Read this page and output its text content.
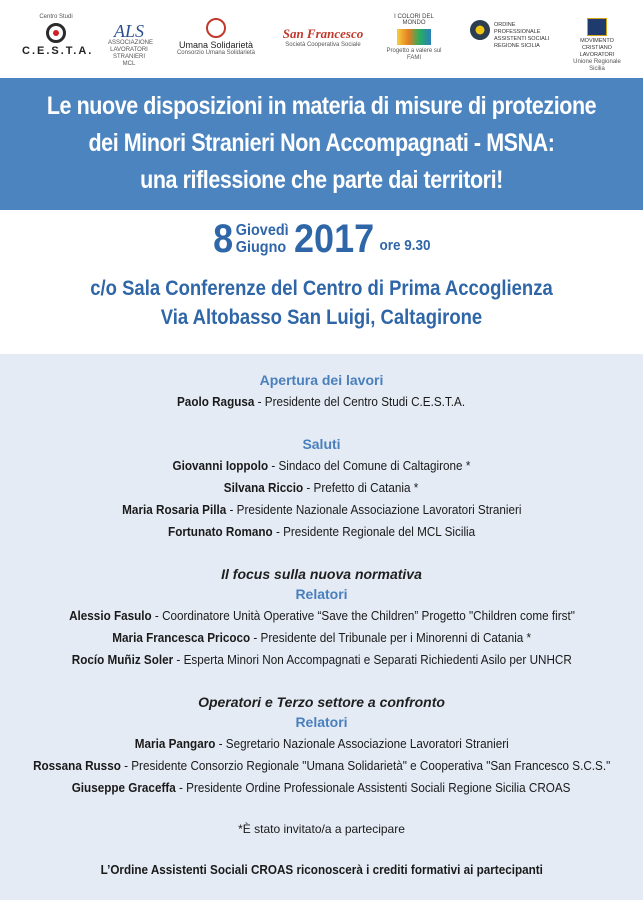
Centro Studi
C.E.S.T.A.
ALS
ASSOCIAZIONE LAVORATORI STRANIERI MCL
Umana Solidarietà
Consorzio Umana Solidarietà
San Francesco
Società Cooperativa Sociale
I COLORI DEL MONDO
Progetto a valere sul FAMI
ORDINE PROFESSIONALE ASSISTENTI SOCIALI REGIONE SICILIA
MOVIMENTO CRISTIANO LAVORATORI
Unione Regionale Sicilia
Le nuove disposizioni in materia di misure di protezione
dei Minori Stranieri Non Accompagnati - MSNA:
una riflessione che parte dai territori!
8 Giovedì
Giugno 2017 ore 9.30
c/o Sala Conferenze del Centro di Prima Accoglienza
Via Altobasso San Luigi, Caltagirone
Apertura dei lavori
Paolo Ragusa - Presidente del Centro Studi C.E.S.T.A.
Saluti
Giovanni Ioppolo - Sindaco del Comune di Caltagirone *
Silvana Riccio - Prefetto di Catania *
Maria Rosaria Pilla - Presidente Nazionale Associazione Lavoratori Stranieri
Fortunato Romano - Presidente Regionale del MCL Sicilia
Il focus sulla nuova normativa
Relatori
Alessio Fasulo - Coordinatore Unità Operative “Save the Children” Progetto "Children come first"
Maria Francesca Pricoco - Presidente del Tribunale per i Minorenni di Catania *
Rocío Muñiz Soler - Esperta Minori Non Accompagnati e Separati Richiedenti Asilo per UNHCR
Operatori e Terzo settore a confronto
Relatori
Maria Pangaro - Segretario Nazionale Associazione Lavoratori Stranieri
Rossana Russo - Presidente Consorzio Regionale "Umana Solidarietà" e Cooperativa "San Francesco S.C.S."
Giuseppe Graceffa - Presidente Ordine Professionale Assistenti Sociali Regione Sicilia CROAS
*È stato invitato/a a partecipare
L’Ordine Assistenti Sociali CROAS riconoscerà i crediti formativi ai partecipanti
